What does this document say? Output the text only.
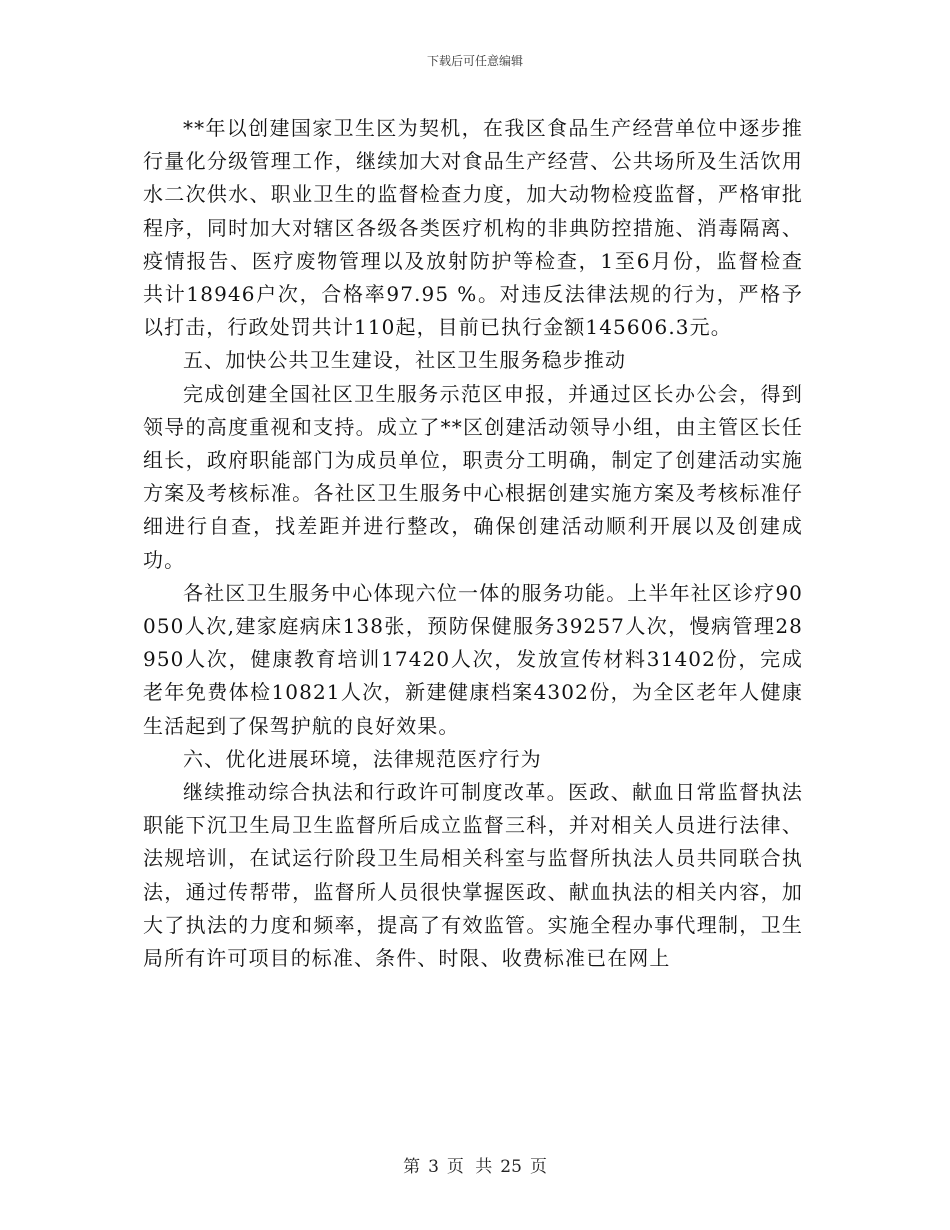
下载后可任意编辑

**年以创建国家卫生区为契机，在我区食品生产经营单位中逐步推行量化分级管理工作，继续加大对食品生产经营、公共场所及生活饮用水二次供水、职业卫生的监督检查力度，加大动物检疫监督，严格审批程序，同时加大对辖区各级各类医疗机构的非典防控措施、消毒隔离、疫情报告、医疗废物管理以及放射防护等检查，1至6月份，监督检查共计18946户次，合格率97.95 %。对违反法律法规的行为，严格予以打击，行政处罚共计110起，目前已执行金额145606.3元。

五、加快公共卫生建设，社区卫生服务稳步推动

完成创建全国社区卫生服务示范区申报，并通过区长办公会，得到领导的高度重视和支持。成立了**区创建活动领导小组，由主管区长任组长，政府职能部门为成员单位，职责分工明确，制定了创建活动实施方案及考核标准。各社区卫生服务中心根据创建实施方案及考核标准仔细进行自查，找差距并进行整改，确保创建活动顺利开展以及创建成功。

各社区卫生服务中心体现六位一体的服务功能。上半年社区诊疗90050人次,建家庭病床138张，预防保健服务39257人次，慢病管理28950人次，健康教育培训17420人次，发放宣传材料31402份，完成老年免费体检10821人次，新建健康档案4302份，为全区老年人健康生活起到了保驾护航的良好效果。

六、优化进展环境，法律规范医疗行为

继续推动综合执法和行政许可制度改革。医政、献血日常监督执法职能下沉卫生局卫生监督所后成立监督三科，并对相关人员进行法律、法规培训，在试运行阶段卫生局相关科室与监督所执法人员共同联合执法，通过传帮带，监督所人员很快掌握医政、献血执法的相关内容，加大了执法的力度和频率，提高了有效监管。实施全程办事代理制，卫生局所有许可项目的标准、条件、时限、收费标准已在网上

第 3 页 共 25 页
